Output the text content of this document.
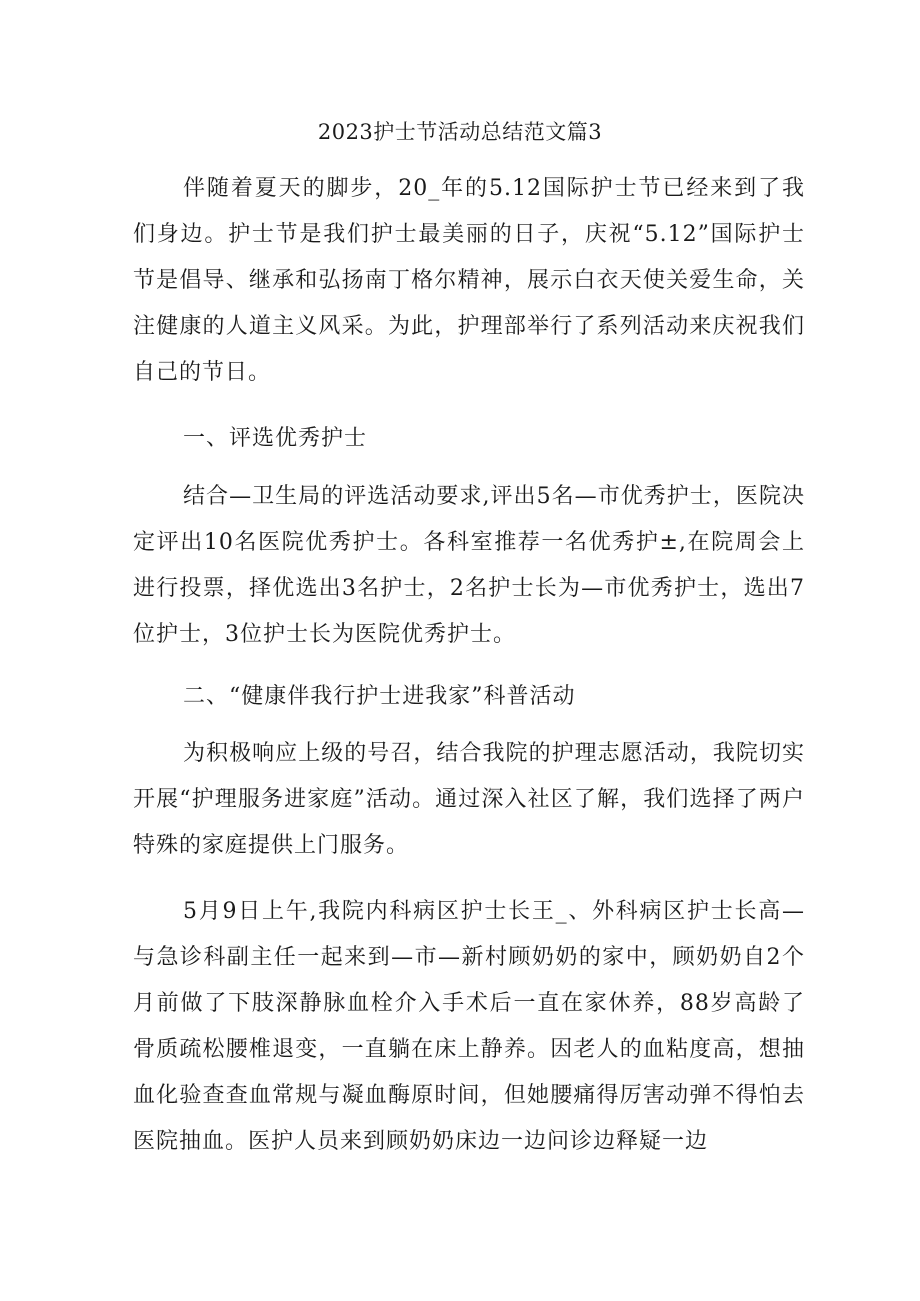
2023护士节活动总结范文篇3

伴随着夏天的脚步，20_年的5.12国际护士节已经来到了我们身边。护士节是我们护士最美丽的日子，庆祝“5.12”国际护士节是倡导、继承和弘扬南丁格尔精神，展示白衣天使关爱生命，关注健康的人道主义风采。为此，护理部举行了系列活动来庆祝我们自己的节日。

一、评选优秀护士

结合—卫生局的评选活动要求,评出5名—市优秀护士，医院决定评出10名医院优秀护士。各科室推荐一名优秀护±,在院周会上进行投票，择优选出3名护士，2名护士长为—市优秀护士，选出7位护士，3位护士长为医院优秀护士。

二、“健康伴我行护士进我家”科普活动

为积极响应上级的号召，结合我院的护理志愿活动，我院切实开展“护理服务进家庭”活动。通过深入社区了解，我们选择了两户特殊的家庭提供上门服务。

5月9日上午,我院内科病区护士长王_、外科病区护士长高—与急诊科副主任一起来到—市—新村顾奶奶的家中，顾奶奶自2个月前做了下肢深静脉血栓介入手术后一直在家休养，88岁高龄了骨质疏松腰椎退变，一直躺在床上静养。因老人的血粘度高，想抽血化验查查血常规与凝血酶原时间，但她腰痛得厉害动弹不得怕去医院抽血。医护人员来到顾奶奶床边一边问诊边释疑一边
